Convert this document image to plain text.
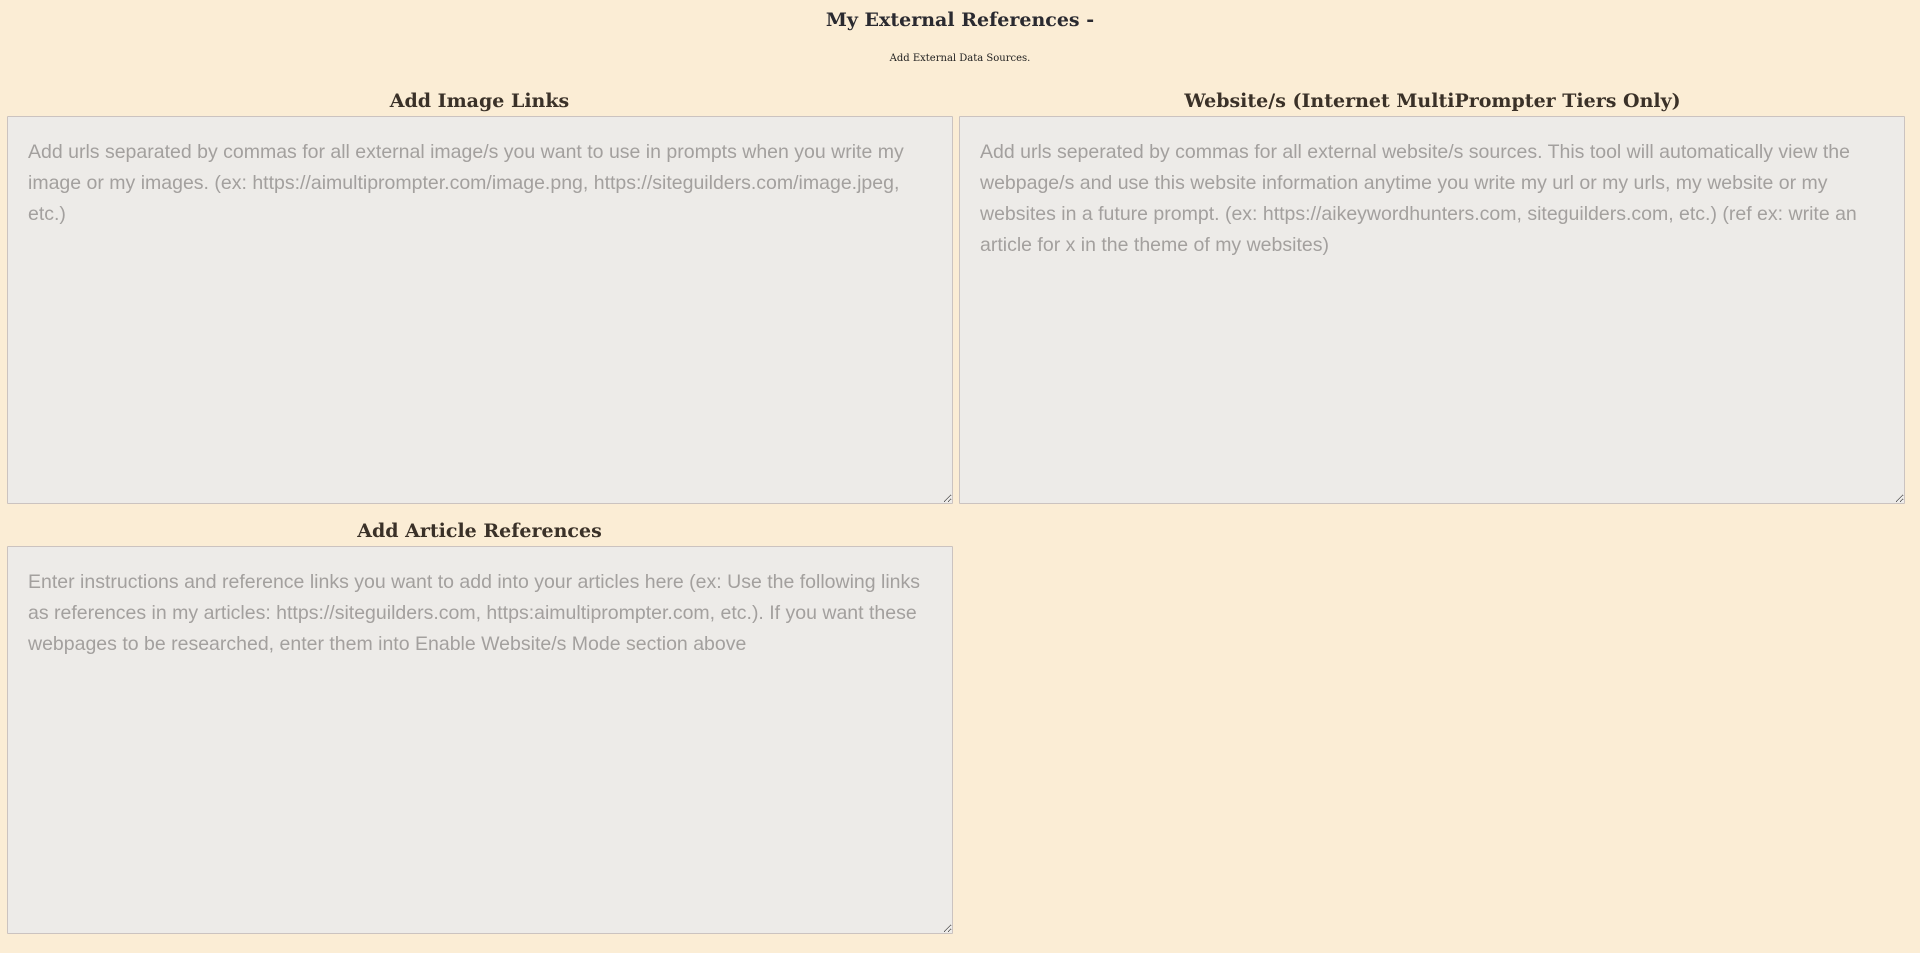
My External References -

Add External Data Sources.

Add Image Links
Add urls separated by commas for all external image/s you want to use in prompts when you write my image or my images. (ex: https://aimultiprompter.com/image.png, https://siteguilders.com/image.jpeg, etc.)	Website/s (Internet MultiPrompter Tiers Only)
Add urls seperated by commas for all external website/s sources. This tool will automatically view the webpage/s and use this website information anytime you write my url or my urls, my website or my websites in a future prompt. (ex: https://aikeywordhunters.com, siteguilders.com, etc.) (ref ex: write an article for x in the theme of my websites)
Add Article References
Enter instructions and reference links you want to add into your articles here (ex: Use the following links as references in my articles: https://siteguilders.com, https:aimultiprompter.com, etc.). If you want these webpages to be researched, enter them into Enable Website/s Mode section above
